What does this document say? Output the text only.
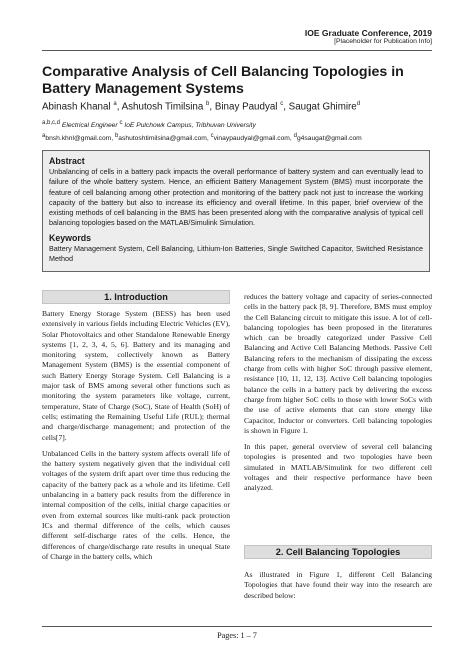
IOE Graduate Conference, 2019
[Placeholder for Publication Info]
Comparative Analysis of Cell Balancing Topologies in Battery Management Systems
Abinash Khanal $^a$, Ashutosh Timilsina $^b$, Binay Paudyal $^c$, Saugat Ghimire$^d$
$^{a,b,c,d}$ Electrical Engineer $^c$ IoE Pulchowk Campus, Tribhuvan University
$^a$bnsh.khnl@gmail.com, $^b$ashutoshtimilsina@gmail.com, $^c$vinaypaudyal@gmail.com, $^d$g4saugat@gmail.com
Abstract
Unbalancing of cells in a battery pack impacts the overall performance of battery system and can eventually lead to failure of the whole battery system. Hence, an efficient Battery Management System (BMS) must incorporate the feature of cell balancing among other protection and monitoring of the battery pack not just to increase the working capacity of the battery but also to increase its efficiency and overall lifetime. In this paper, brief overview of the existing methods of cell balancing in the BMS has been presented along with the comparative analysis of typical cell balancing topologies based on the MATLAB/Simulink Simulation.
Keywords
Battery Management System, Cell Balancing, Lithium-Ion Batteries, Single Switched Capacitor, Switched Resistance Method
1. Introduction

Battery Energy Storage System (BESS) has been used extensively in various fields including Electric Vehicles (EV), Solar Photovoltaics and other Standalone Renewable Energy systems [1, 2, 3, 4, 5, 6]. Battery and its managing and monitoring system, collectively known as Battery Management System (BMS) is the essential component of such Battery Energy Storage System. Cell Balancing is a major task of BMS among several other functions such as monitoring the system parameters like voltage, current, temperature, State of Charge (SoC), State of Health (SoH) of cells; estimating the Remaining Useful Life (RUL); thermal and charge/discharge management; and protection of the cells[7].

Unbalanced Cells in the battery system affects overall life of the battery system negatively given that the individual cell voltages of the system drift apart over time thus reducing the capacity of the battery pack as a whole and its lifetime. Cell unbalancing in a battery pack results from the difference in internal composition of the cells, initial charge capacities or even from external sources like multi-rank pack protection ICs and thermal difference of the cells, which causes different self-discharge rates of the cells. Hence, the differences of charge/discharge rate results in unequal State of Charge in the battery cells, which

reduces the battery voltage and capacity of series-connected cells in the battery pack [8, 9]. Therefore, BMS must employ the Cell Balancing circuit to mitigate this issue. A lot of cell-balancing topologies has been proposed in the literatures which can be broadly categorized under Passive Cell Balancing and Active Cell Balancing Methods. Passive Cell Balancing refers to the mechanism of dissipating the excess charge from cells with higher SoC through passive element, resistance [10, 11, 12, 13]. Active Cell balancing topologies balance the cells in a battery pack by delivering the excess charge from higher SoC cells to those with lower SoCs with the use of active elements that can store energy like Capacitor, Inductor or converters. Cell balancing topologies is shown in Figure 1.

In this paper, general overview of several cell balancing topologies is presented and two topologies have been simulated in MATLAB/Simulink for two different cell voltages and their respective performance have been analyzed.

2. Cell Balancing Topologies

As illustrated in Figure 1, different Cell Balancing Topologies that have found their way into the research are described below:

Pages: 1 – 7
